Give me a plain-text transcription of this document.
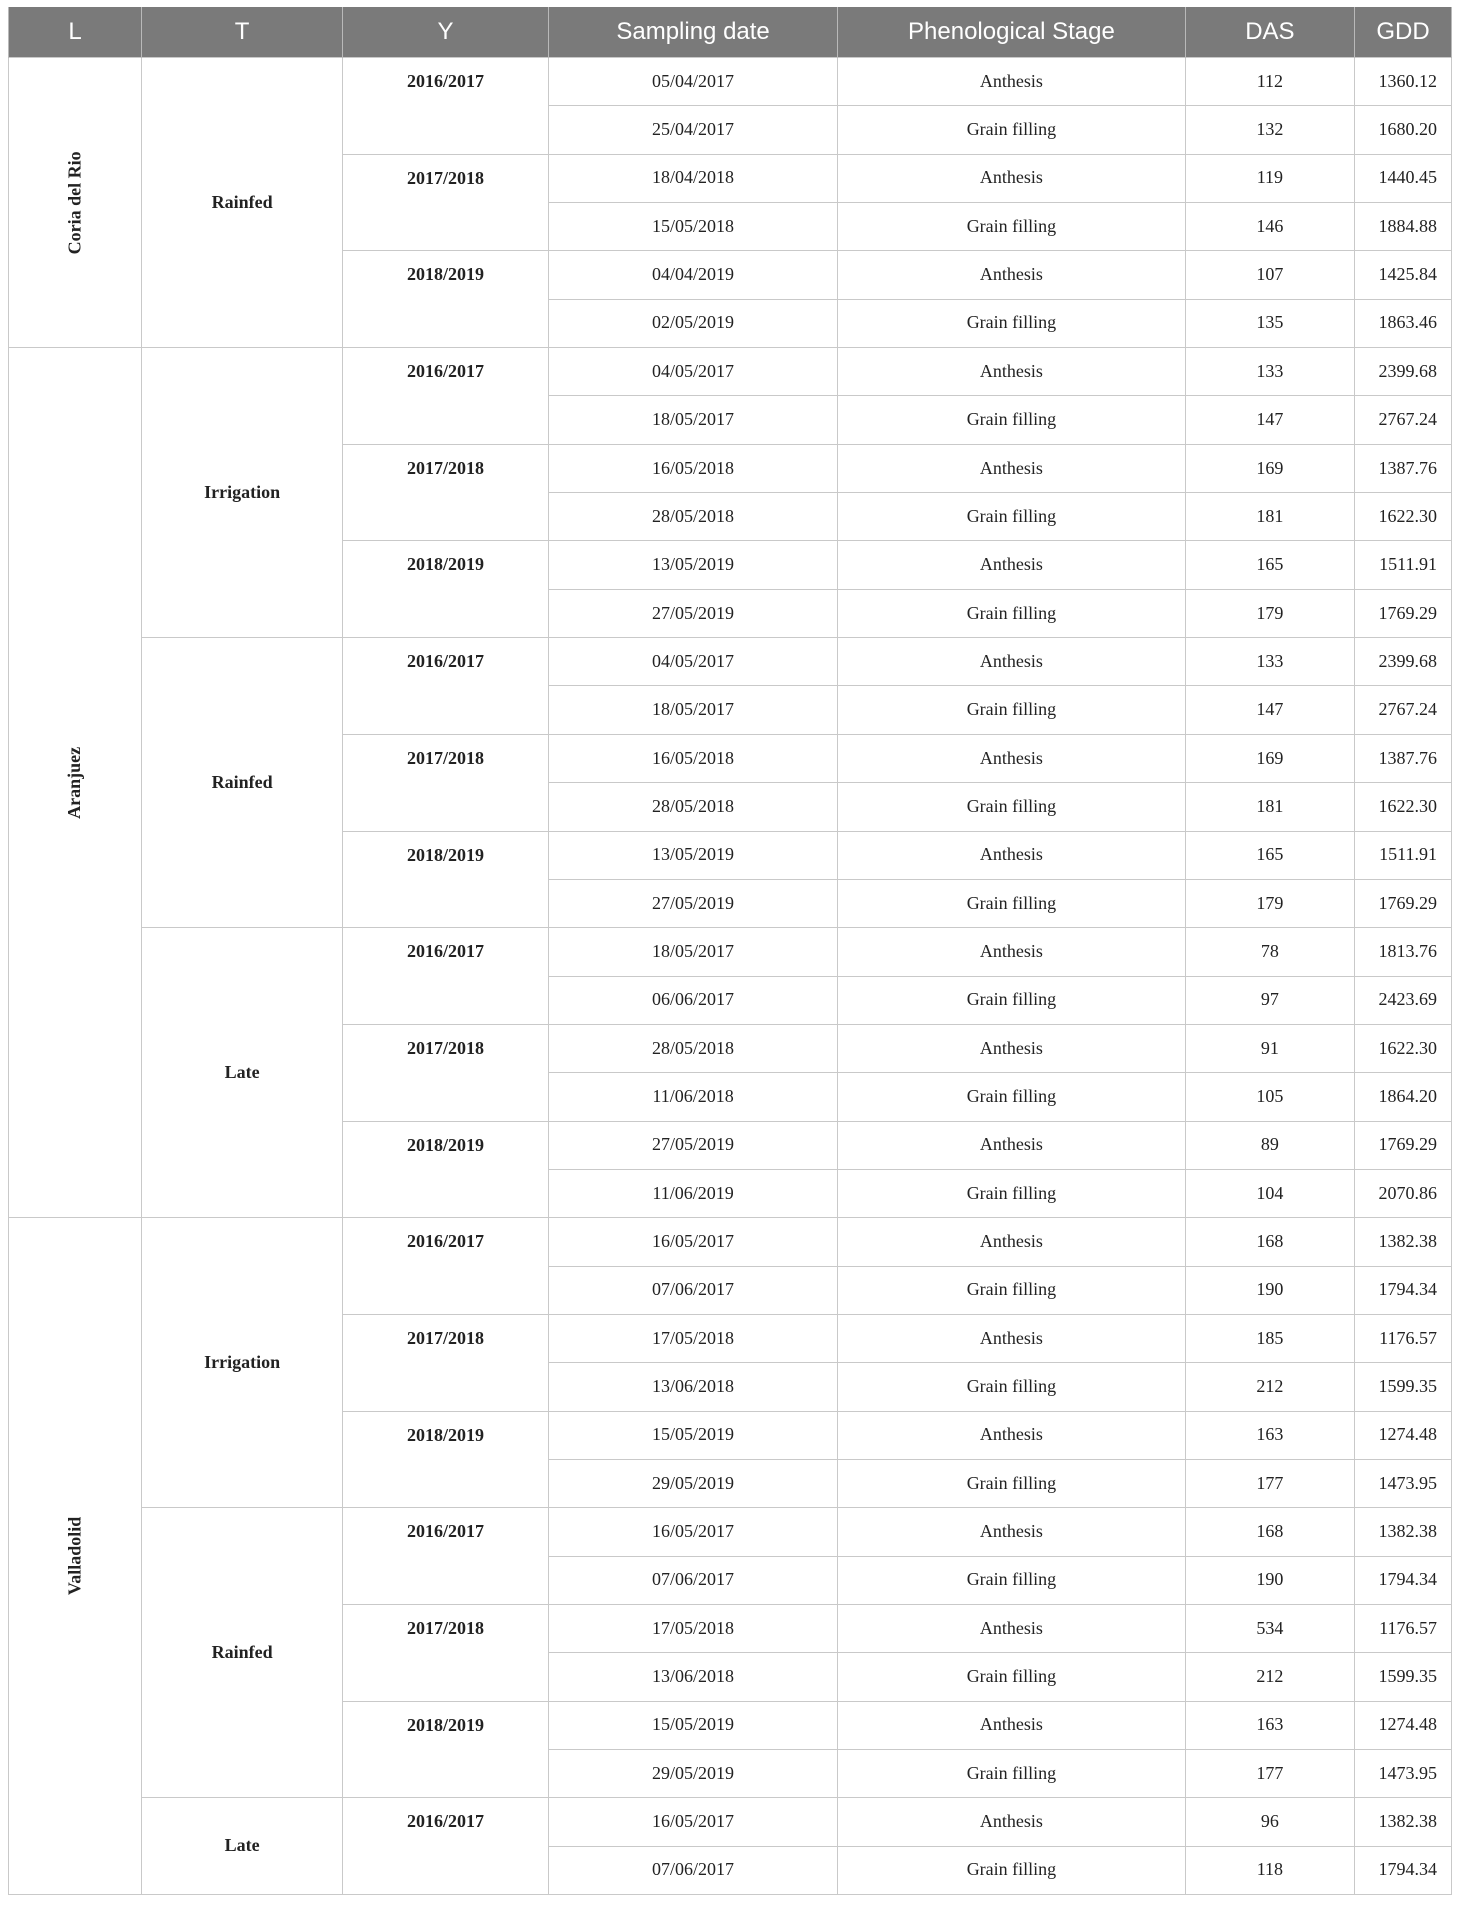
L	T	Y	Sampling date	Phenological Stage	DAS	GDD
Coria del Rio	Rainfed	2016/2017	05/04/2017	Anthesis	112	1360.12
			25/04/2017	Grain filling	132	1680.20
		2017/2018	18/04/2018	Anthesis	119	1440.45
			15/05/2018	Grain filling	146	1884.88
		2018/2019	04/04/2019	Anthesis	107	1425.84
			02/05/2019	Grain filling	135	1863.46
Aranjuez	Irrigation	2016/2017	04/05/2017	Anthesis	133	2399.68
			18/05/2017	Grain filling	147	2767.24
		2017/2018	16/05/2018	Anthesis	169	1387.76
			28/05/2018	Grain filling	181	1622.30
		2018/2019	13/05/2019	Anthesis	165	1511.91
			27/05/2019	Grain filling	179	1769.29
	Rainfed	2016/2017	04/05/2017	Anthesis	133	2399.68
			18/05/2017	Grain filling	147	2767.24
		2017/2018	16/05/2018	Anthesis	169	1387.76
			28/05/2018	Grain filling	181	1622.30
		2018/2019	13/05/2019	Anthesis	165	1511.91
			27/05/2019	Grain filling	179	1769.29
	Late	2016/2017	18/05/2017	Anthesis	78	1813.76
			06/06/2017	Grain filling	97	2423.69
		2017/2018	28/05/2018	Anthesis	91	1622.30
			11/06/2018	Grain filling	105	1864.20
		2018/2019	27/05/2019	Anthesis	89	1769.29
			11/06/2019	Grain filling	104	2070.86
Valladolid	Irrigation	2016/2017	16/05/2017	Anthesis	168	1382.38
			07/06/2017	Grain filling	190	1794.34
		2017/2018	17/05/2018	Anthesis	185	1176.57
			13/06/2018	Grain filling	212	1599.35
		2018/2019	15/05/2019	Anthesis	163	1274.48
			29/05/2019	Grain filling	177	1473.95
	Rainfed	2016/2017	16/05/2017	Anthesis	168	1382.38
			07/06/2017	Grain filling	190	1794.34
		2017/2018	17/05/2018	Anthesis	534	1176.57
			13/06/2018	Grain filling	212	1599.35
		2018/2019	15/05/2019	Anthesis	163	1274.48
			29/05/2019	Grain filling	177	1473.95
	Late	2016/2017	16/05/2017	Anthesis	96	1382.38
			07/06/2017	Grain filling	118	1794.34
